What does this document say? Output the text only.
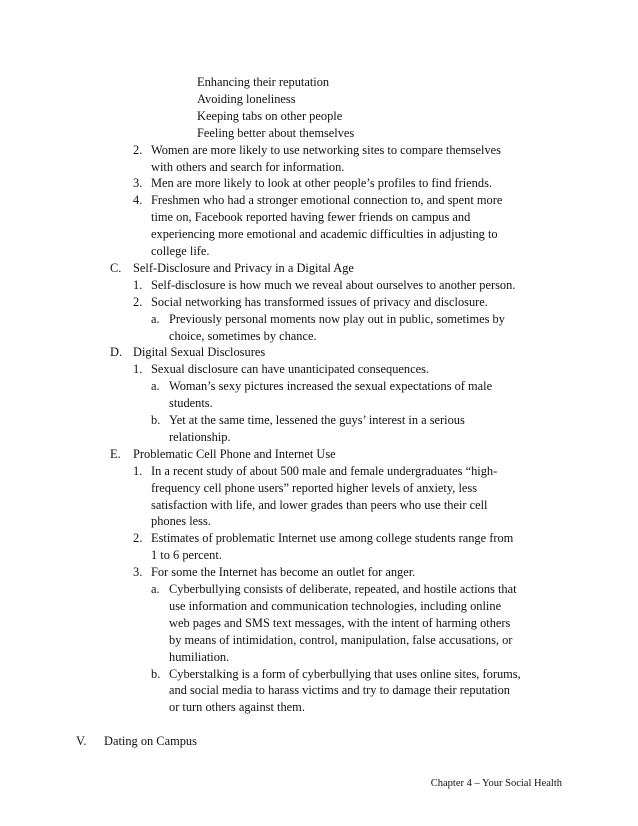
Chapter 4 – Your Social Health
Enhancing their reputation
Avoiding loneliness
Keeping tabs on other people
Feeling better about themselves
2. Women are more likely to use networking sites to compare themselves
with others and search for information.
3. Men are more likely to look at other people’s profiles to find friends.
4. Freshmen who had a stronger emotional connection to, and spent more
time on, Facebook reported having fewer friends on campus and
experiencing more emotional and academic difficulties in adjusting to
college life.
C. Self-Disclosure and Privacy in a Digital Age
1. Self-disclosure is how much we reveal about ourselves to another person.
2. Social networking has transformed issues of privacy and disclosure.
a. Previously personal moments now play out in public, sometimes by
choice, sometimes by chance.
D. Digital Sexual Disclosures
1. Sexual disclosure can have unanticipated consequences.
a. Woman’s sexy pictures increased the sexual expectations of male
students.
b. Yet at the same time, lessened the guys’ interest in a serious
relationship.
E. Problematic Cell Phone and Internet Use
1. In a recent study of about 500 male and female undergraduates “high-
frequency cell phone users” reported higher levels of anxiety, less
satisfaction with life, and lower grades than peers who use their cell
phones less.
2. Estimates of problematic Internet use among college students range from
1 to 6 percent.
3. For some the Internet has become an outlet for anger.
a. Cyberbullying consists of deliberate, repeated, and hostile actions that
use information and communication technologies, including online
web pages and SMS text messages, with the intent of harming others
by means of intimidation, control, manipulation, false accusations, or
humiliation.
b. Cyberstalking is a form of cyberbullying that uses online sites, forums,
and social media to harass victims and try to damage their reputation
or turn others against them.
V. Dating on Campus
